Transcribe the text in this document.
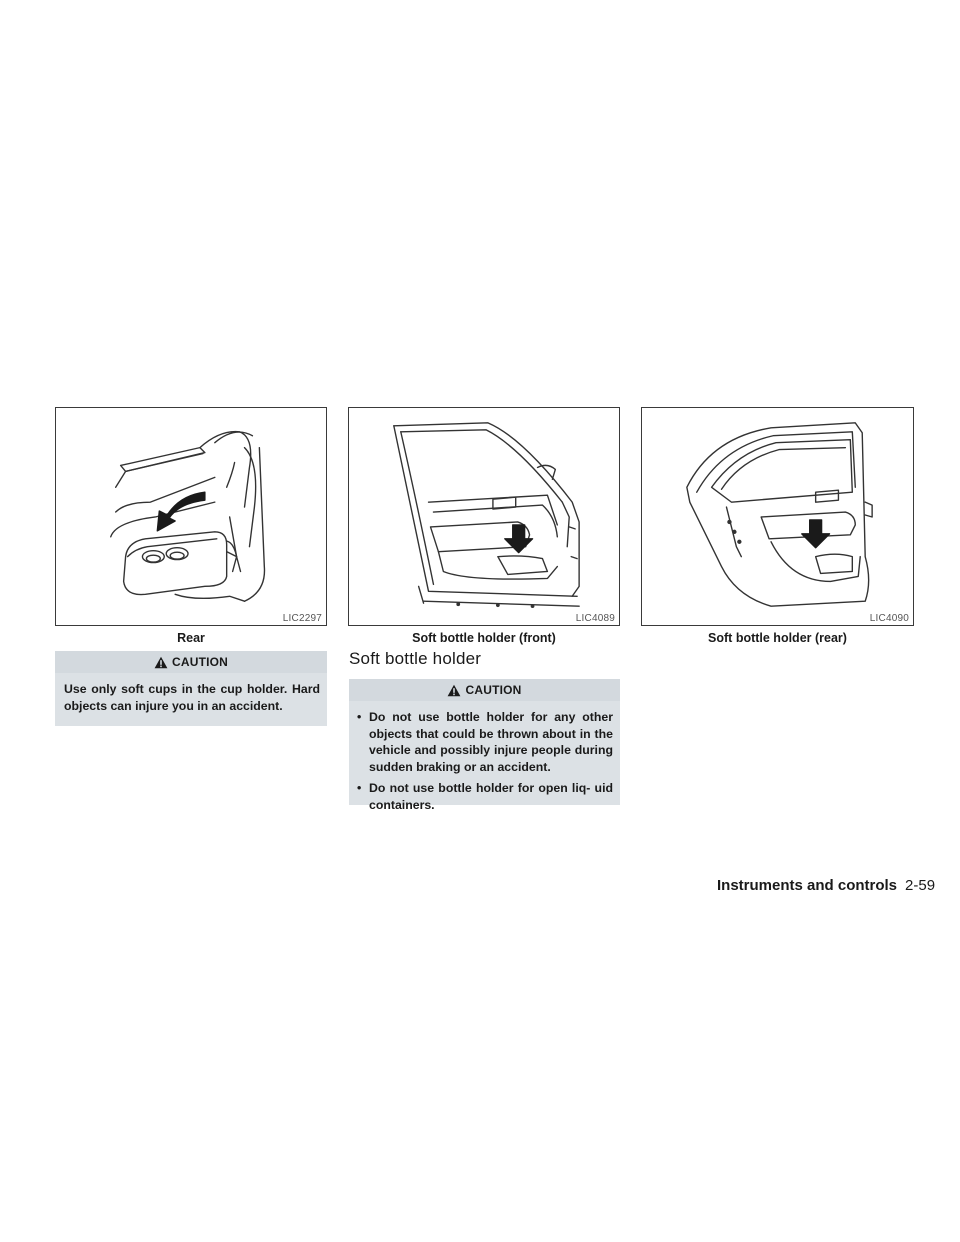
LIC2297
Rear
LIC4089
Soft bottle holder (front)
LIC4090
Soft bottle holder (rear)
CAUTION

Use only soft cups in the cup holder. Hard objects can injure you in an accident.

Soft bottle holder
CAUTION
• Do not use bottle holder for any other objects that could be thrown about in the vehicle and possibly injure people during sudden braking or an accident.
• Do not use bottle holder for open liq- uid containers.
Instruments and controls 2-59
